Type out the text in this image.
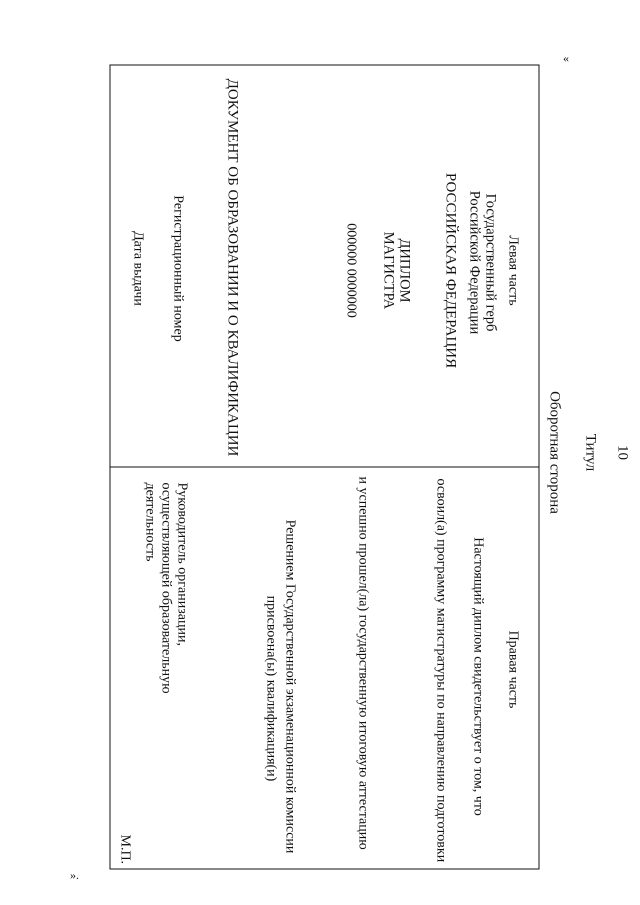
«
».
10
Титул
Оборотная сторона
Левая часть
Государственный герб
Российской Федерации
РОССИЙСКАЯ ФЕДЕРАЦИЯ
ДИПЛОМ
МАГИСТРА
000000 0000000
ДОКУМЕНТ ОБ ОБРАЗОВАНИИ И О КВАЛИФИКАЦИИ
Регистрационный номер
Дата выдачи
Правая часть
Настоящий диплом свидетельствует о том, что
освоил(а) программу магистратуры по направлению подготовки
и успешно прошел(ла) государственную итоговую аттестацию
Решением Государственной экзаменационной комиссии
присвоена(ы) квалификация(и)
Руководитель организации,
осуществляющей образовательную
деятельность
М.П.
